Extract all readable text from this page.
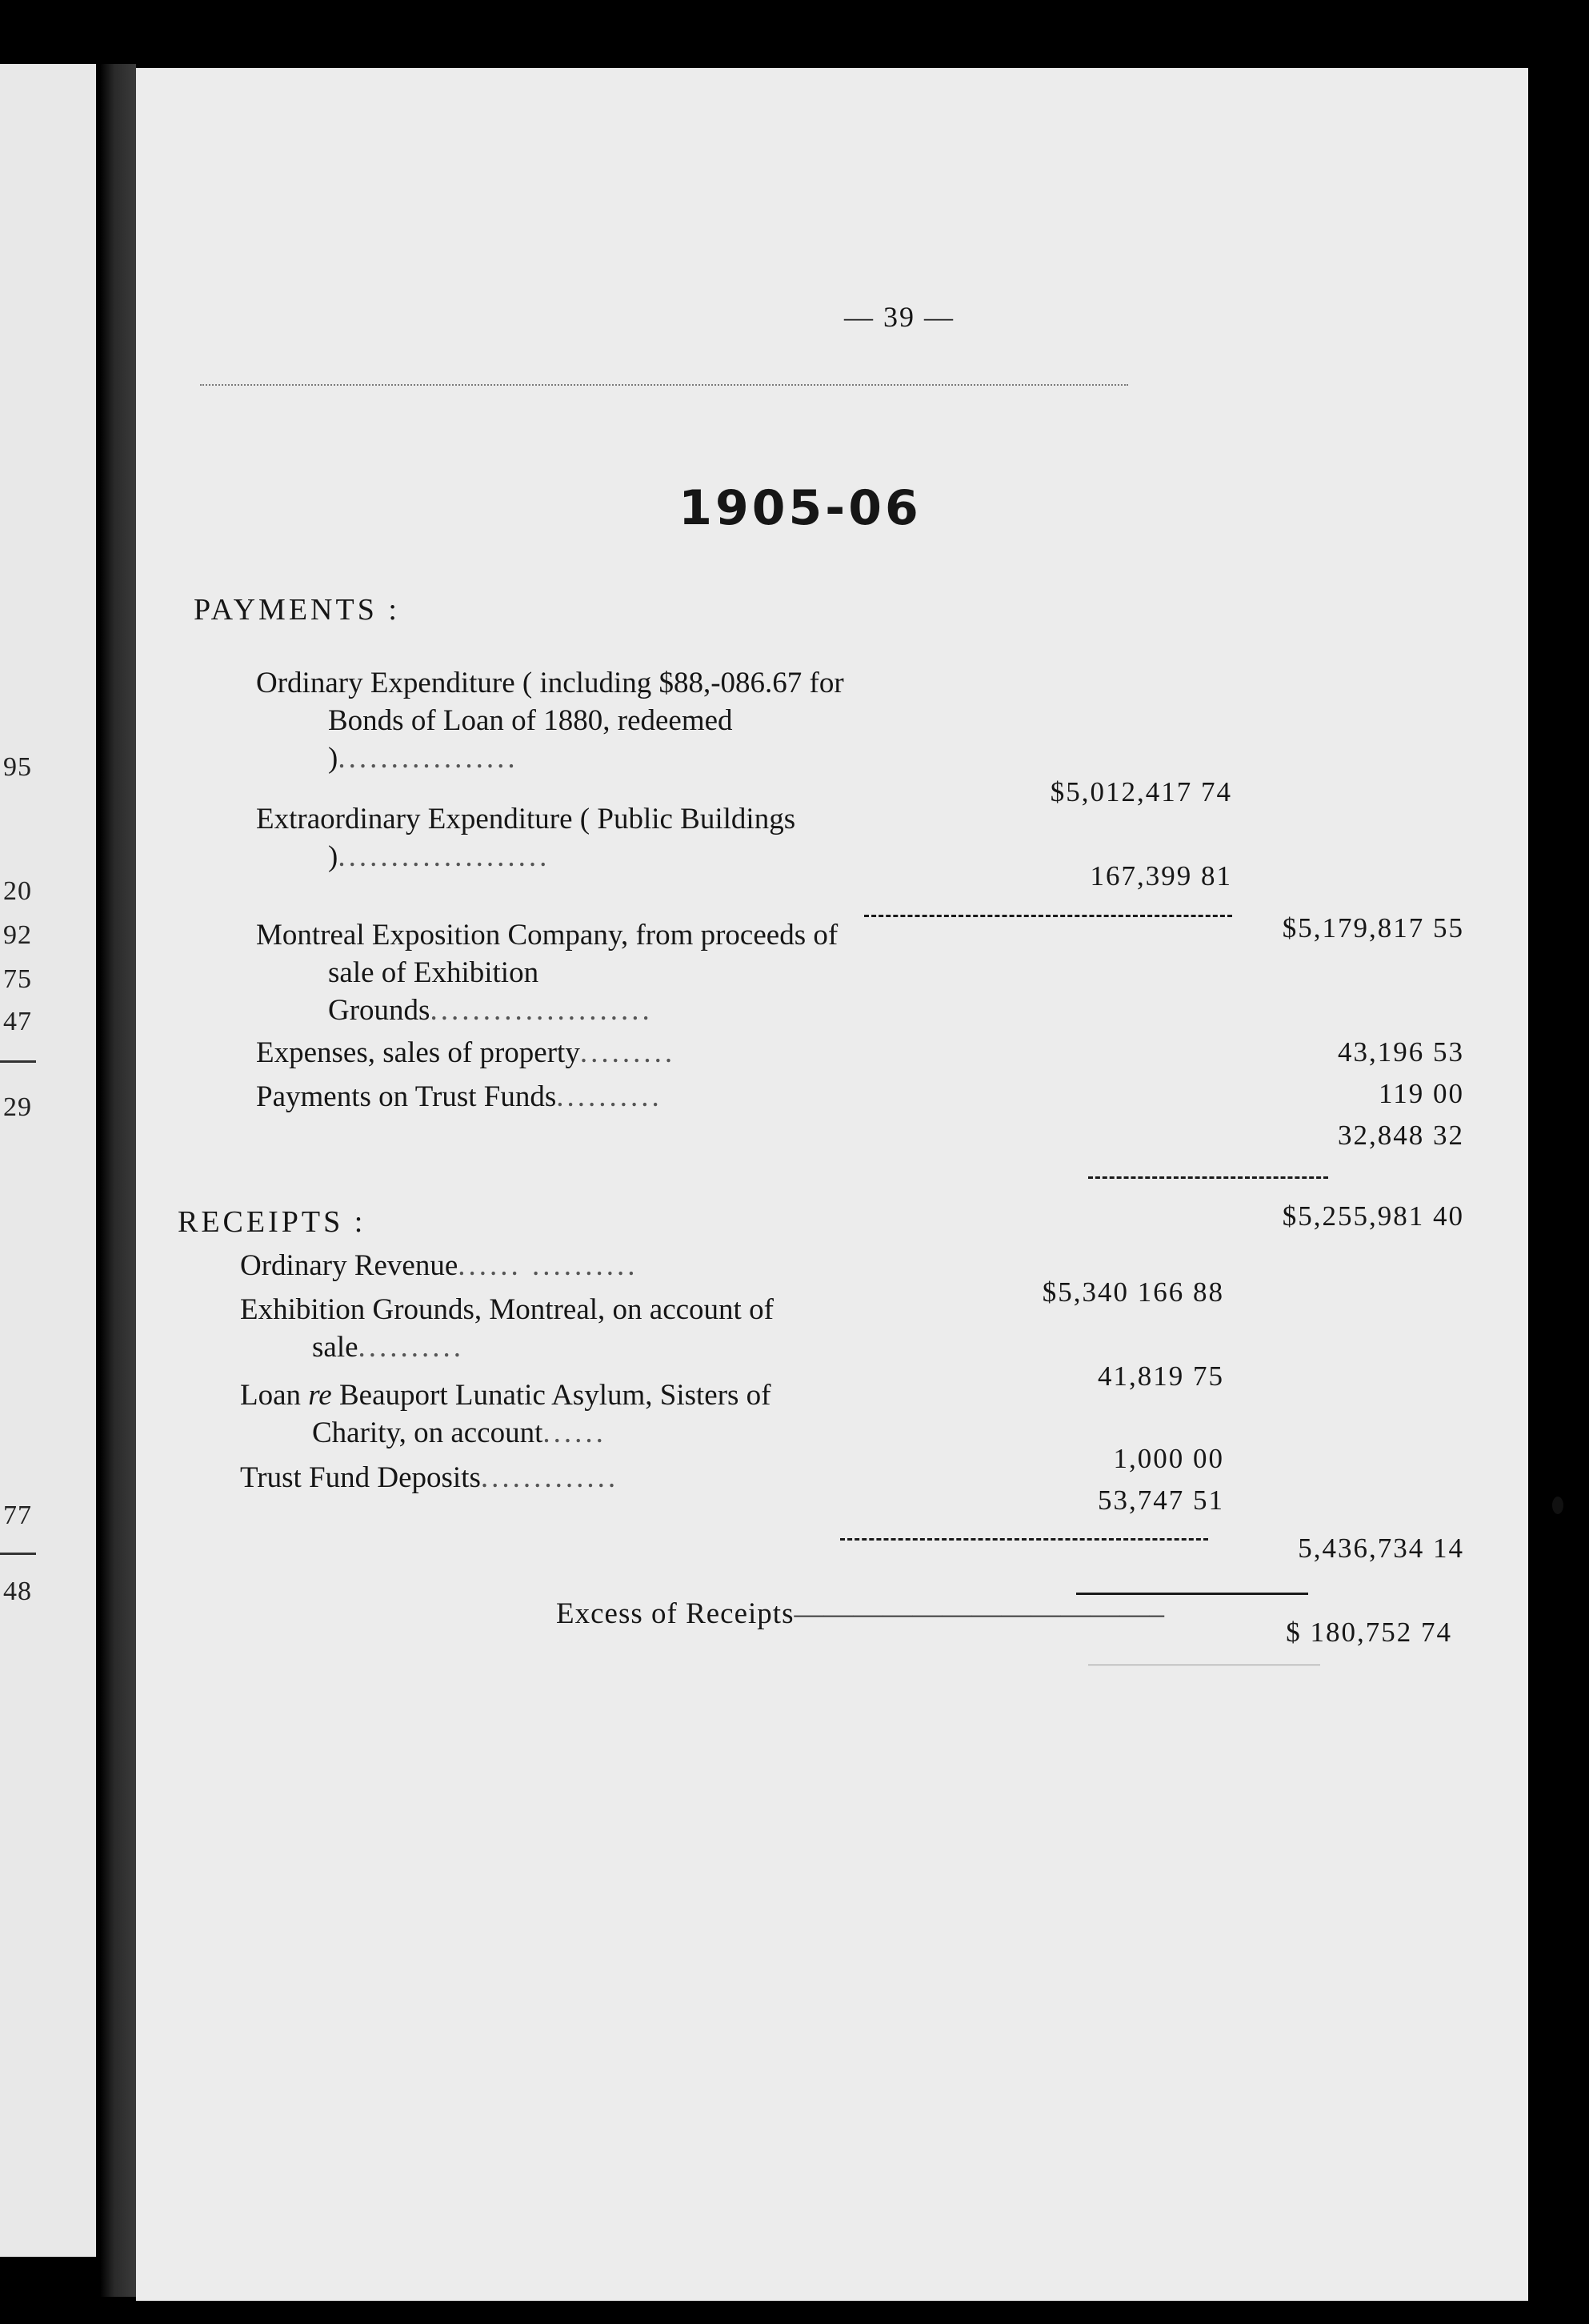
95
20
92
75
47
29
77
48
— 39 —
1905-06
PAYMENTS :
Ordinary Expenditure ( including $88,-086.67 for Bonds of Loan of 1880, redeemed ).................
$5,012,417 74
Extraordinary Expenditure ( Public Buildings )....................
167,399 81
$5,179,817 55
Montreal Exposition Company, from proceeds of sale of Exhibition Grounds.....................
43,196 53
Expenses, sales of property.........
119 00
Payments on Trust Funds..........
32,848 32
$5,255,981 40
RECEIPTS :
Ordinary Revenue...... ..........
$5,340 166 88
Exhibition Grounds, Montreal, on account of sale..........
41,819 75
Loan re Beauport Lunatic Asylum, Sisters of Charity, on account......
1,000 00
Trust Fund Deposits.............
53,747 51
5,436,734 14
Excess of Receipts————————————–
$ 180,752 74
